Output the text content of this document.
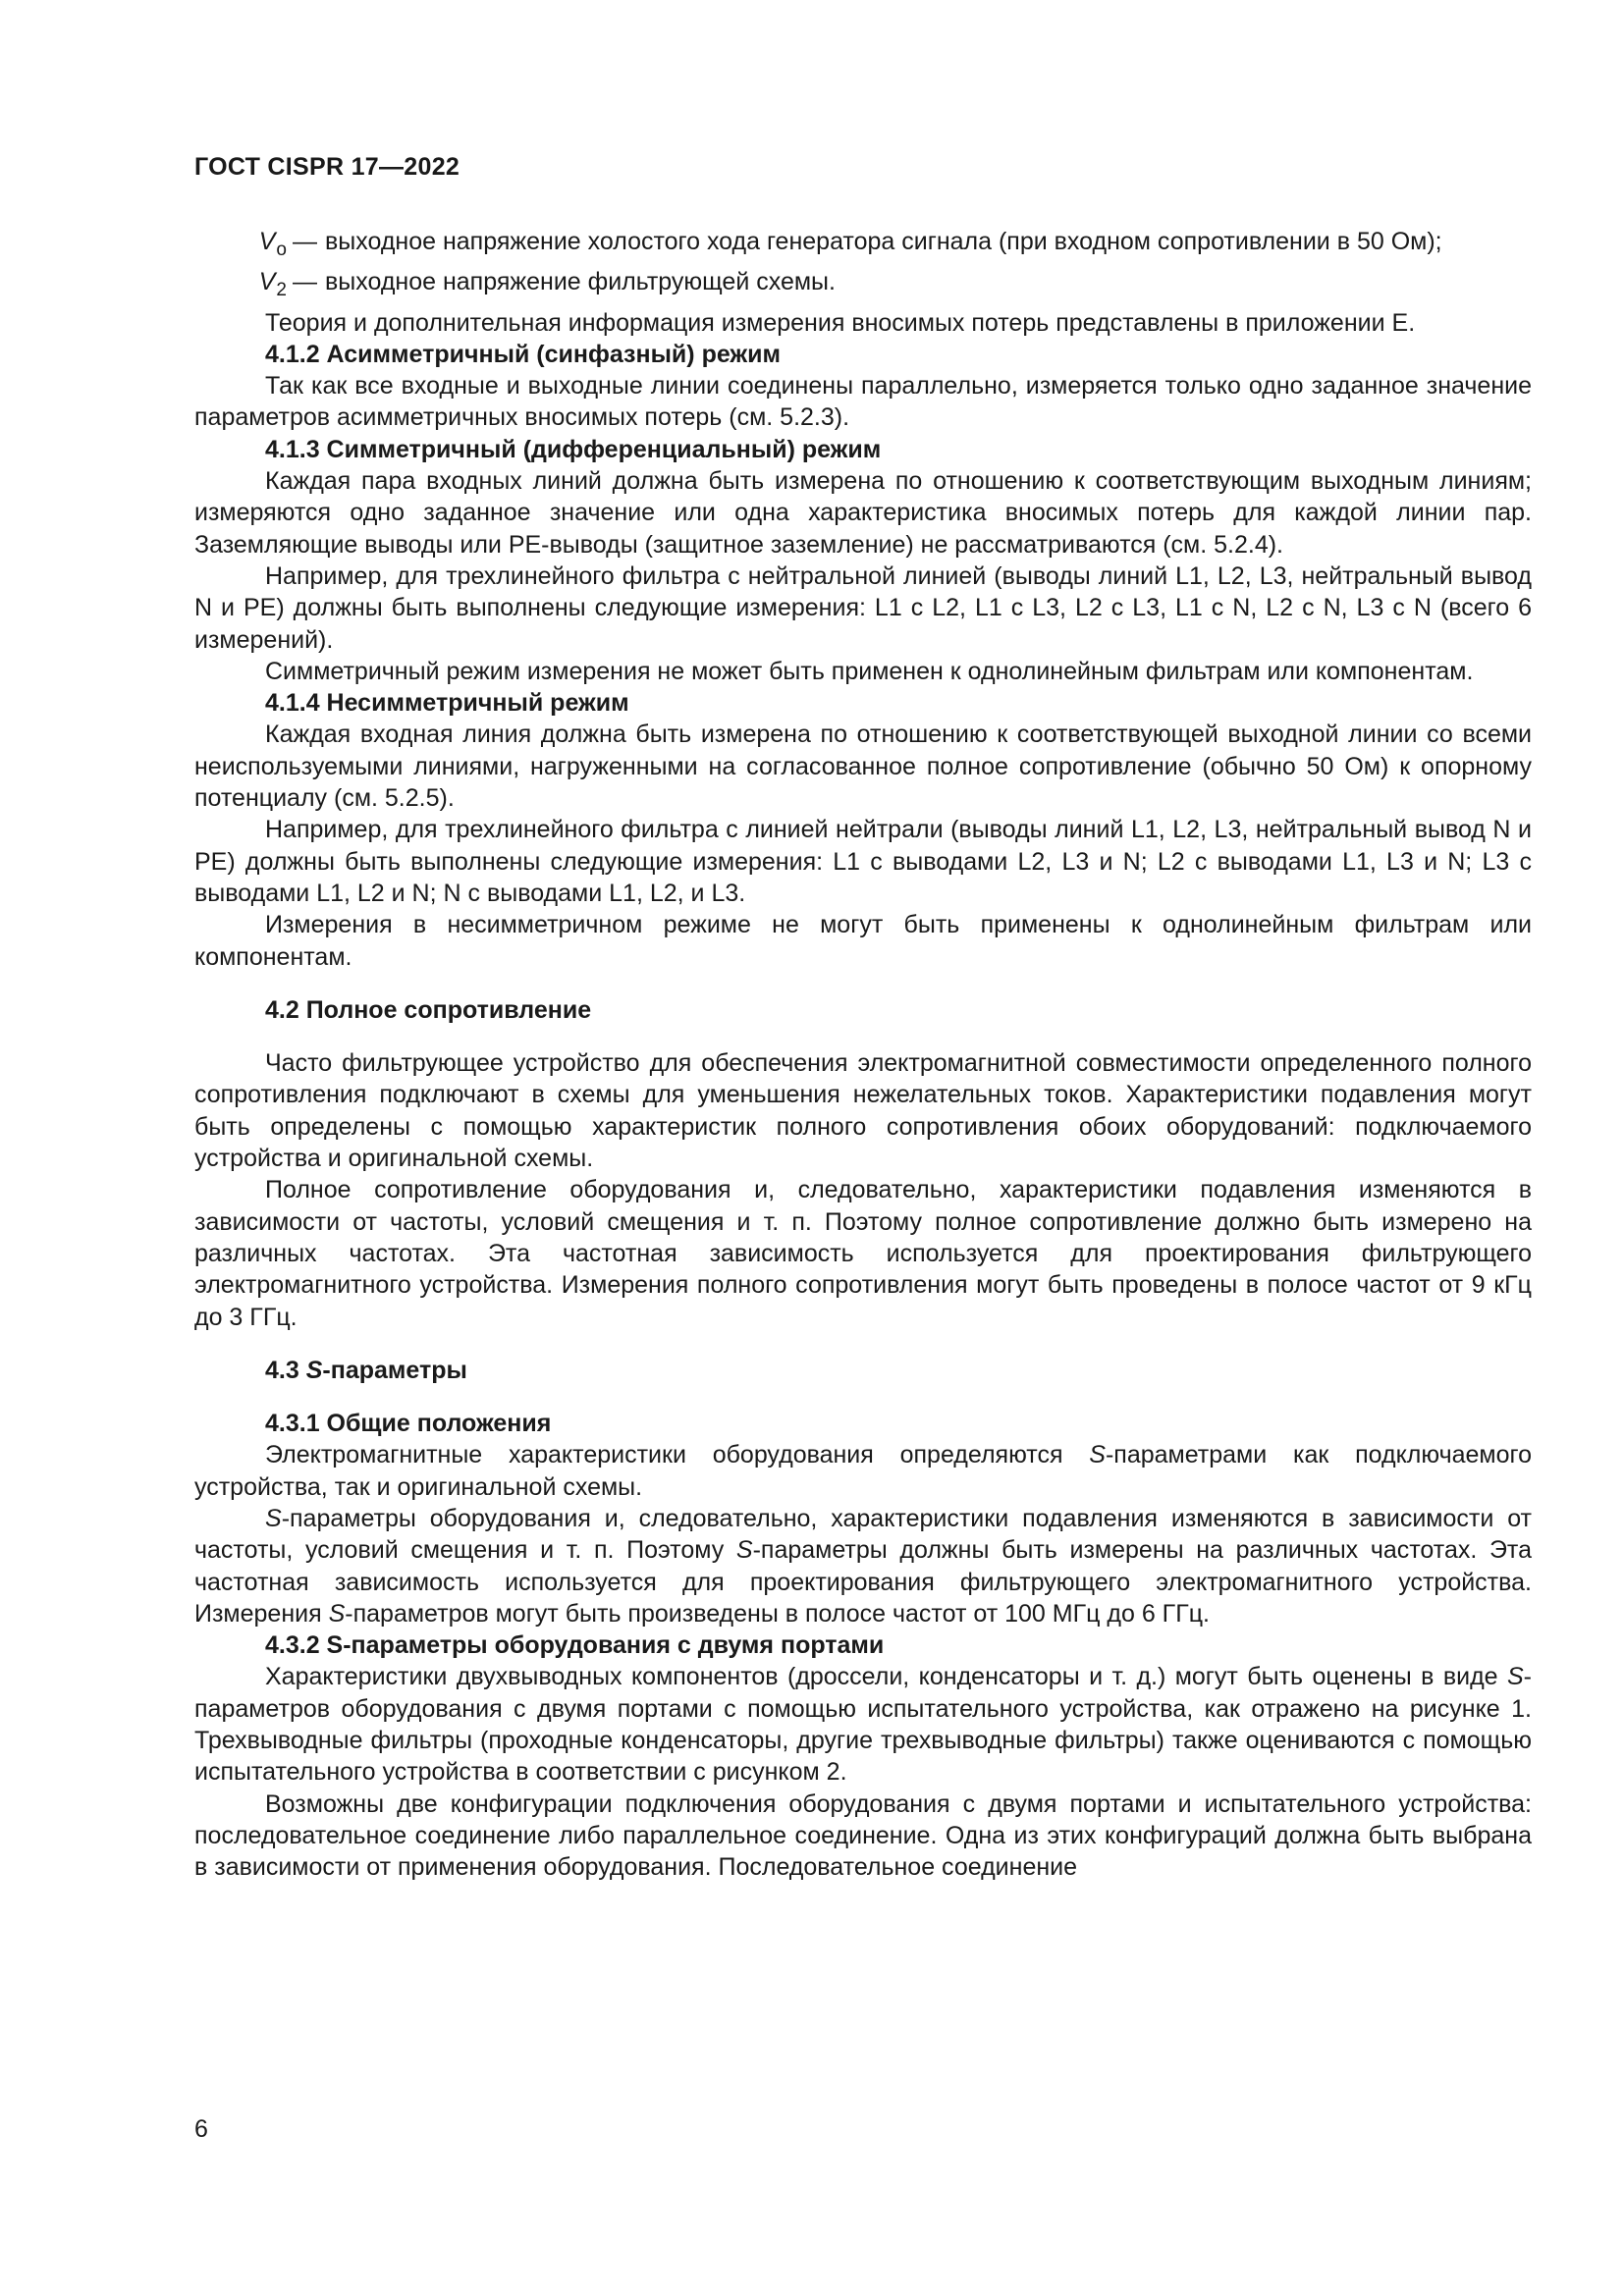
ГОСТ CISPR 17—2022
$V_o$ — выходное напряжение холостого хода генератора сигнала (при входном сопротивлении в 50 Ом);
$V_2$ — выходное напряжение фильтрующей схемы.

Теория и дополнительная информация измерения вносимых потерь представлены в приложении Е.

4.1.2 Асимметричный (синфазный) режим

Так как все входные и выходные линии соединены параллельно, измеряется только одно заданное значение параметров асимметричных вносимых потерь (см. 5.2.3).

4.1.3 Симметричный (дифференциальный) режим

Каждая пара входных линий должна быть измерена по отношению к соответствующим выходным линиям; измеряются одно заданное значение или одна характеристика вносимых потерь для каждой линии пар. Заземляющие выводы или PE-выводы (защитное заземление) не рассматриваются (см. 5.2.4).

Например, для трехлинейного фильтра с нейтральной линией (выводы линий L1, L2, L3, нейтральный вывод N и PE) должны быть выполнены следующие измерения: L1 с L2, L1 с L3, L2 с L3, L1 с N, L2 с N, L3 с N (всего 6 измерений).

Симметричный режим измерения не может быть применен к однолинейным фильтрам или компонентам.

4.1.4 Несимметричный режим

Каждая входная линия должна быть измерена по отношению к соответствующей выходной линии со всеми неиспользуемыми линиями, нагруженными на согласованное полное сопротивление (обычно 50 Ом) к опорному потенциалу (см. 5.2.5).

Например, для трехлинейного фильтра с линией нейтрали (выводы линий L1, L2, L3, нейтральный вывод N и PE) должны быть выполнены следующие измерения: L1 с выводами L2, L3 и N; L2 с выводами L1, L3 и N; L3 с выводами L1, L2 и N; N с выводами L1, L2, и L3.

Измерения в несимметричном режиме не могут быть применены к однолинейным фильтрам или компонентам.

4.2 Полное сопротивление

Часто фильтрующее устройство для обеспечения электромагнитной совместимости определенного полного сопротивления подключают в схемы для уменьшения нежелательных токов. Характеристики подавления могут быть определены с помощью характеристик полного сопротивления обоих оборудований: подключаемого устройства и оригинальной схемы.

Полное сопротивление оборудования и, следовательно, характеристики подавления изменяются в зависимости от частоты, условий смещения и т. п. Поэтому полное сопротивление должно быть измерено на различных частотах. Эта частотная зависимость используется для проектирования фильтрующего электромагнитного устройства. Измерения полного сопротивления могут быть проведены в полосе частот от 9 кГц до 3 ГГц.

4.3 S-параметры

4.3.1 Общие положения

Электромагнитные характеристики оборудования определяются S-параметрами как подключаемого устройства, так и оригинальной схемы.

S-параметры оборудования и, следовательно, характеристики подавления изменяются в зависимости от частоты, условий смещения и т. п. Поэтому S-параметры должны быть измерены на различных частотах. Эта частотная зависимость используется для проектирования фильтрующего электромагнитного устройства. Измерения S-параметров могут быть произведены в полосе частот от 100 МГц до 6 ГГц.

4.3.2 S-параметры оборудования с двумя портами

Характеристики двухвыводных компонентов (дроссели, конденсаторы и т. д.) могут быть оценены в виде S-параметров оборудования с двумя портами с помощью испытательного устройства, как отражено на рисунке 1. Трехвыводные фильтры (проходные конденсаторы, другие трехвыводные фильтры) также оцениваются с помощью испытательного устройства в соответствии с рисунком 2.

Возможны две конфигурации подключения оборудования с двумя портами и испытательного устройства: последовательное соединение либо параллельное соединение. Одна из этих конфигураций должна быть выбрана в зависимости от применения оборудования. Последовательное соединение

6
